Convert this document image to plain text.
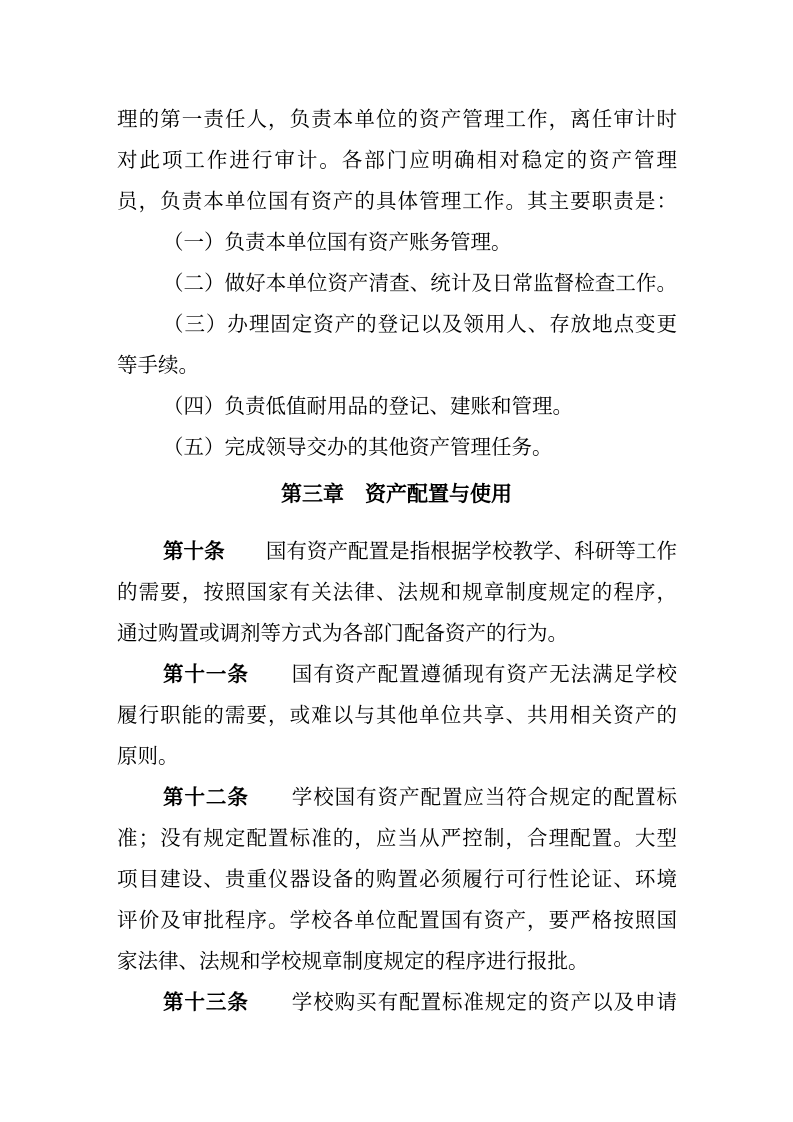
理的第一责任人，负责本单位的资产管理工作，离任审计时
对此项工作进行审计。各部门应明确相对稳定的资产管理
员，负责本单位国有资产的具体管理工作。其主要职责是：
（一）负责本单位国有资产账务管理。
（二）做好本单位资产清查、统计及日常监督检查工作。
（三）办理固定资产的登记以及领用人、存放地点变更
等手续。
（四）负责低值耐用品的登记、建账和管理。
（五）完成领导交办的其他资产管理任务。
第三章　资产配置与使用
第十条　　 国有资产配置是指根据学校教学、科研等工作
的需要，按照国家有关法律、法规和规章制度规定的程序，
通过购置或调剂等方式为各部门配备资产的行为。
第十一条　　 国有资产配置遵循现有资产无法满足学校
履行职能的需要，或难以与其他单位共享、共用相关资产的
原则。
第十二条　　 学校国有资产配置应当符合规定的配置标
准；没有规定配置标准的，应当从严控制，合理配置。大型
项目建设、贵重仪器设备的购置必须履行可行性论证、环境
评价及审批程序。学校各单位配置国有资产，要严格按照国
家法律、法规和学校规章制度规定的程序进行报批。
第十三条　　 学校购买有配置标准规定的资产以及申请
